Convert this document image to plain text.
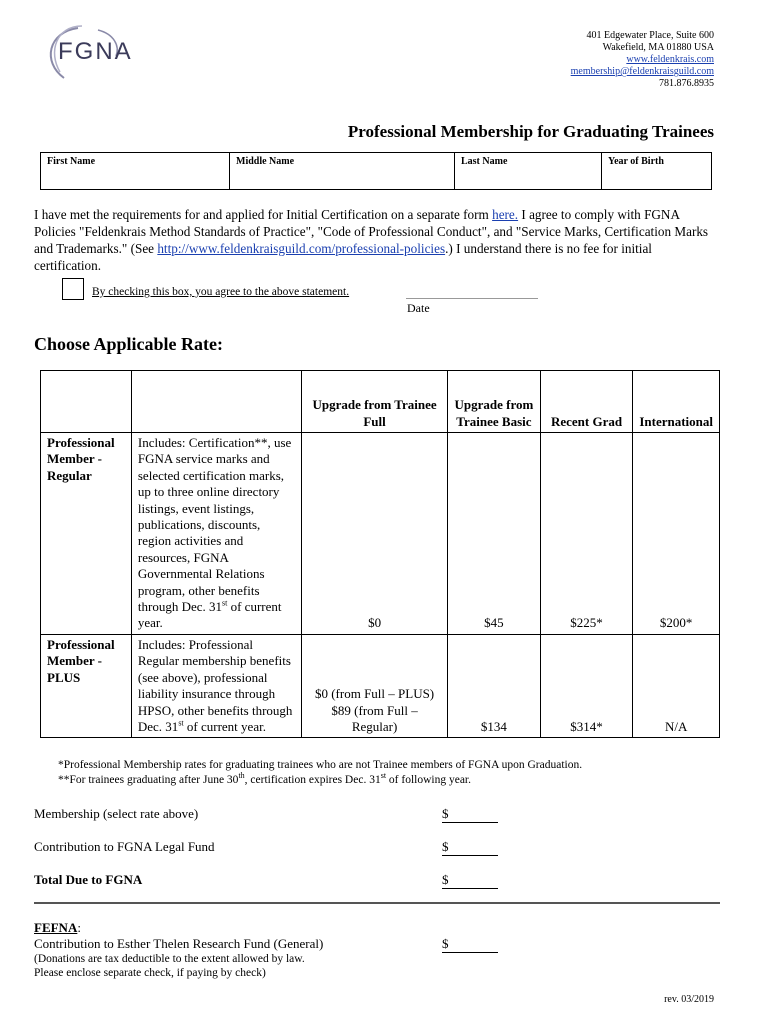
FGNA
401 Edgewater Place, Suite 600
Wakefield, MA 01880 USA
www.feldenkrais.com
membership@feldenkraisguild.com
781.876.8935
Professional Membership for Graduating Trainees
First Name	Middle Name	Last Name	Year of Birth
I have met the requirements for and applied for Initial Certification on a separate form here. I agree to comply with FGNA Policies "Feldenkrais Method Standards of Practice", "Code of Professional Conduct", and "Service Marks, Certification Marks and Trademarks." (See http://www.feldenkraisguild.com/professional-policies.) I understand there is no fee for initial certification.
By checking this box, you agree to the above statement.
Date
Choose Applicable Rate:
		Upgrade from Trainee Full	Upgrade from Trainee Basic	Recent Grad	International
Professional Member - Regular	Includes: Certification**, use FGNA service marks and selected certification marks, up to three online directory listings, event listings, publications, discounts, region activities and resources, FGNA Governmental Relations program, other benefits through Dec. 31st of current year.	$0	$45	$225*	$200*
Professional Member - PLUS	Includes: Professional Regular membership benefits (see above), professional liability insurance through HPSO, other benefits through Dec. 31st of current year.	$0 (from Full – PLUS) $89 (from Full – Regular)	$134	$314*	N/A
*Professional Membership rates for graduating trainees who are not Trainee members of FGNA upon Graduation.
**For trainees graduating after June 30th, certification expires Dec. 31st of following year.
Membership (select rate above)	$
Contribution to FGNA Legal Fund	$
Total Due to FGNA	$
FEFNA:
Contribution to Esther Thelen Research Fund (General)	$
(Donations are tax deductible to the extent allowed by law.
Please enclose separate check, if paying by check)
rev. 03/2019
